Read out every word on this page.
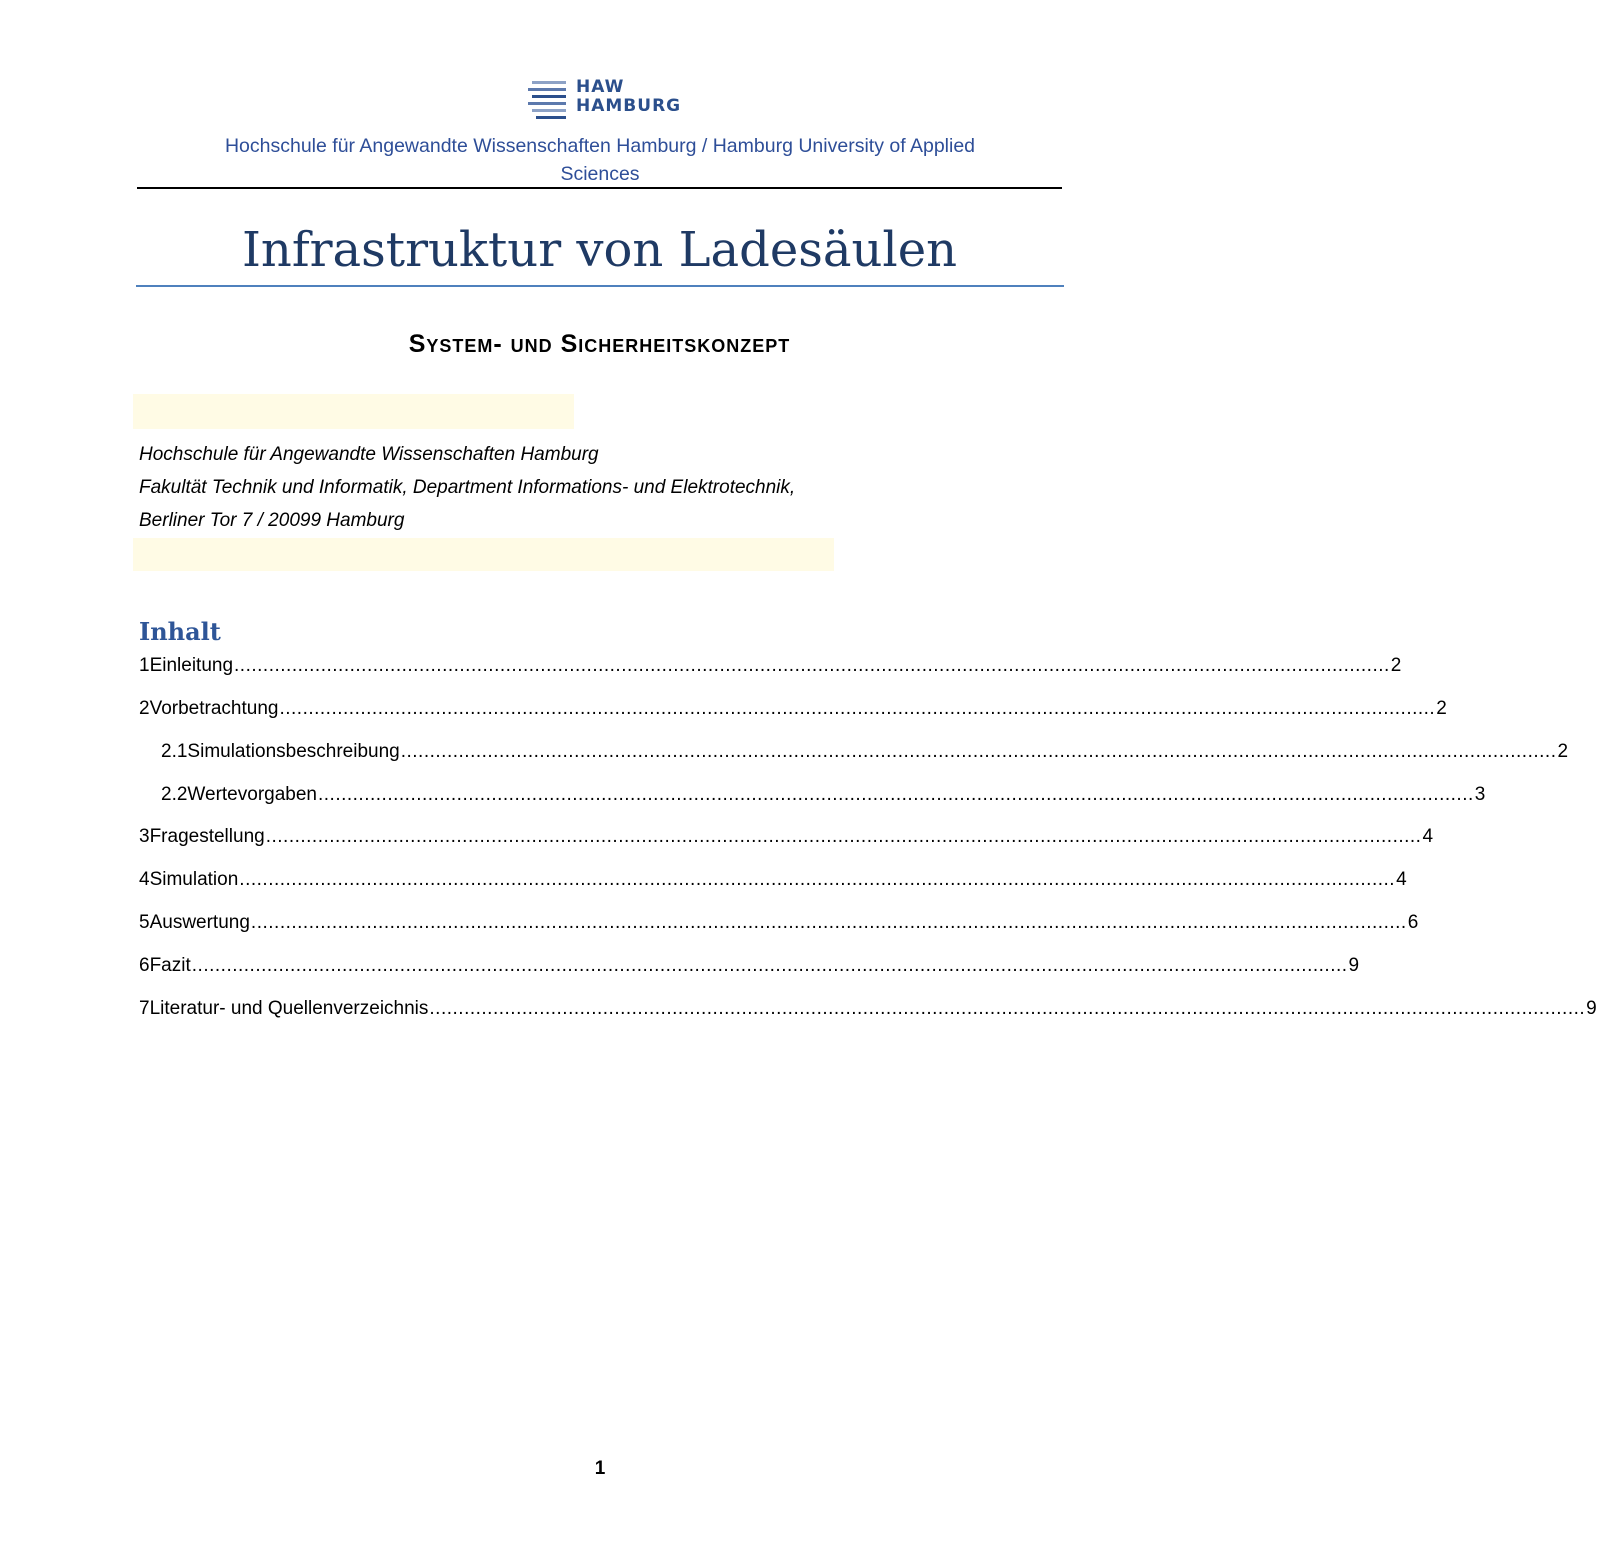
HAW
HAMBURG
Hochschule für Angewandte Wissenschaften Hamburg / Hamburg University of Applied
Sciences
Infrastruktur von Ladesäulen
System- und Sicherheitskonzept
Hochschule für Angewandte Wissenschaften Hamburg
Fakultät Technik und Informatik, Department Informations- und Elektrotechnik,
Berliner Tor 7 / 20099 Hamburg
Inhalt
1 Einleitung ........................................................................................................................................................................................................ 2
2 Vorbetrachtung ........................................................................................................................................................................................................ 2
2.1 Simulationsbeschreibung ........................................................................................................................................................................................................ 2
2.2 Wertevorgaben ........................................................................................................................................................................................................ 3
3 Fragestellung ........................................................................................................................................................................................................ 4
4 Simulation ........................................................................................................................................................................................................ 4
5 Auswertung ........................................................................................................................................................................................................ 6
6 Fazit ........................................................................................................................................................................................................ 9
7 Literatur- und Quellenverzeichnis ........................................................................................................................................................................................................ 9
1
